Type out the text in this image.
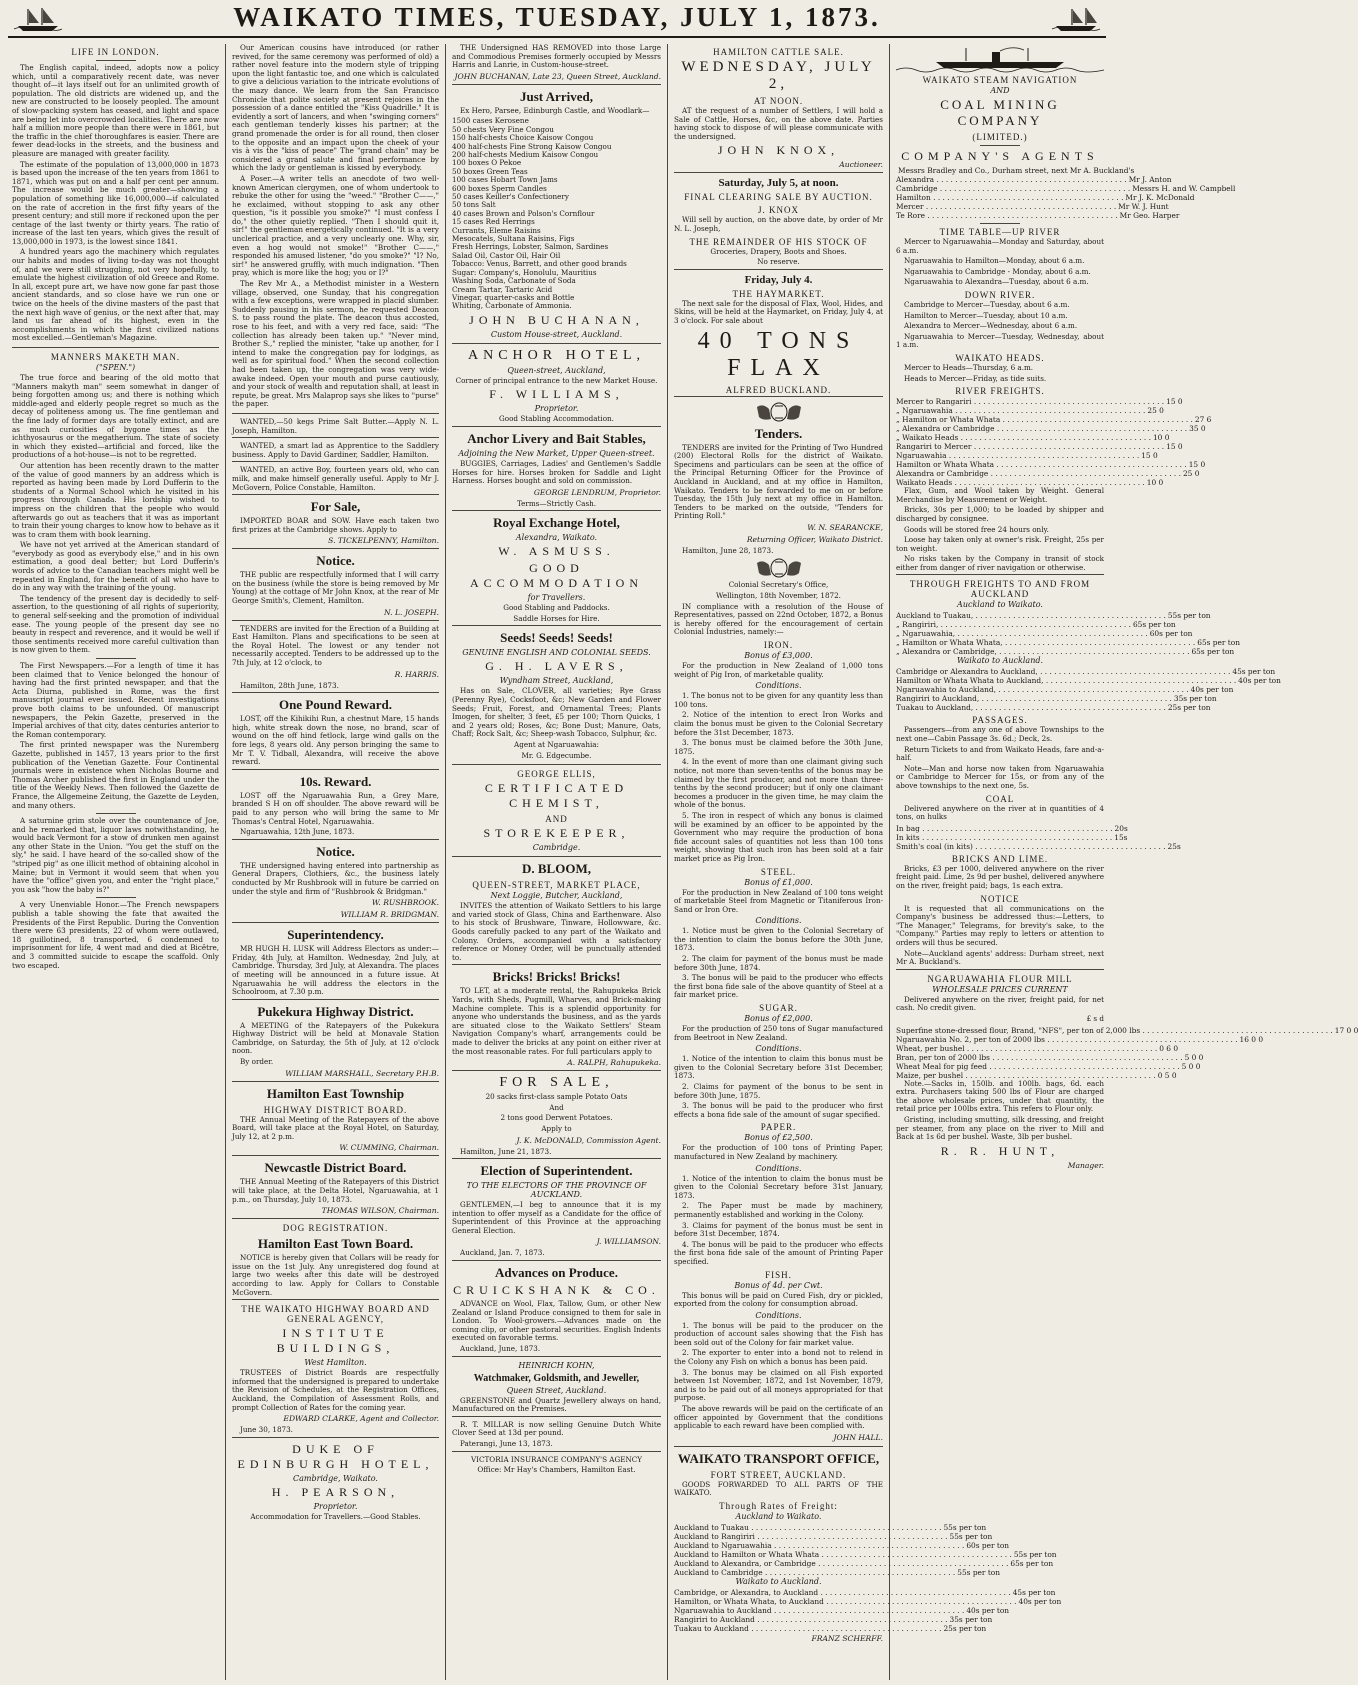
WAIKATO TIMES, TUESDAY, JULY 1, 1873.
LIFE IN LONDON.

The English capital, indeed, adopts now a policy which, until a comparatively recent date, was never thought of—it lays itself out for an unlimited growth of population. The old districts are widened up, and the new are constructed to be loosely peopled. The amount of slow-packing system has ceased, and light and space are being let into overcrowded localities. There are now half a million more people than there were in 1861, but the traffic in the chief thoroughfares is easier. There are fewer dead-locks in the streets, and the business and pleasure are managed with greater facility.

The estimate of the population of 13,000,000 in 1873 is based upon the increase of the ten years from 1861 to 1871, which was put on and a half per cent per annum. The increase would be much greater—showing a population of something like 16,000,000—if calculated on the rate of accretion in the first fifty years of the present century; and still more if reckoned upon the per centage of the last twenty or thirty years. The ratio of increase of the last ten years, which gives the result of 13,000,000 in 1973, is the lowest since 1841.

A hundred years ago the machinery which regulates our habits and modes of living to-day was not thought of, and we were still struggling, not very hopefully, to emulate the highest civilization of old Greece and Rome. In all, except pure art, we have now gone far past those ancient standards, and so close have we run one or twice on the heels of the divine masters of the past that the next high wave of genius, or the next after that, may land us far ahead of its highest, even in the accomplishments in which the first civilized nations most excelled.—Gentleman's Magazine.

MANNERS MAKETH MAN.
("SPEN.")

The true force and bearing of the old motto that "Manners makyth man" seem somewhat in danger of being forgotten among us; and there is nothing which middle-aged and elderly people regret so much as the decay of politeness among us. The fine gentleman and the fine lady of former days are totally extinct, and are as much curiosities of bygone times as the ichthyosaurus or the megatherium. The state of society in which they existed—artificial and forced, like the productions of a hot-house—is not to be regretted.

Our attention has been recently drawn to the matter of the value of good manners by an address which is reported as having been made by Lord Dufferin to the students of a Normal School which he visited in his progress through Canada. His lordship wished to impress on the children that the people who would afterwards go out as teachers that it was as important to train their young charges to know how to behave as it was to cram them with book learning.

We have not yet arrived at the American standard of "everybody as good as everybody else," and in his own estimation, a good deal better; but Lord Dufferin's words of advice to the Canadian teachers might well be repeated in England, for the benefit of all who have to do in any way with the training of the young.

The tendency of the present day is decidedly to self-assertion, to the questioning of all rights of superiority, to general self-seeking and the promotion of individual ease. The young people of the present day see no beauty in respect and reverence, and it would be well if those sentiments received more careful cultivation than is now given to them.

The First Newspapers.—For a length of time it has been claimed that to Venice belonged the honour of having had the first printed newspaper, and that the Acta Diurna, published in Rome, was the first manuscript journal ever issued. Recent investigations prove both claims to be unfounded. Of manuscript newspapers, the Pekin Gazette, preserved in the Imperial archives of that city, dates centuries anterior to the Roman contemporary.

The first printed newspaper was the Nuremberg Gazette, published in 1457, 13 years prior to the first publication of the Venetian Gazette. Four Continental journals were in existence when Nicholas Bourne and Thomas Archer published the first in England under the title of the Weekly News. Then followed the Gazette de France, the Allgemeine Zeitung, the Gazette de Leyden, and many others.

A saturnine grim stole over the countenance of Joe, and he remarked that, liquor laws notwithstanding, he would back Vermont for a stow of drunken men against any other State in the Union. "You get the stuff on the sly," he said. I have heard of the so-called show of the "striped pig" as one illicit method of obtaining alcohol in Maine; but in Vermont it would seem that when you have the "office" given you, and enter the "right place," you ask "how the baby is?"

A very Unenviable Honor.—The French newspapers publish a table showing the fate that awaited the Presidents of the First Republic. During the Convention there were 63 presidents, 22 of whom were outlawed, 18 guillotined, 8 transported, 6 condemned to imprisonment for life, 4 went mad and died at Bicêtre, and 3 committed suicide to escape the scaffold. Only two escaped.

Our American cousins have introduced (or rather revived, for the same ceremony was performed of old) a rather novel feature into the modern style of tripping upon the light fantastic toe, and one which is calculated to give a delicious variation to the intricate evolutions of the mazy dance. We learn from the San Francisco Chronicle that polite society at present rejoices in the possession of a dance entitled the "Kiss Quadrille." It is evidently a sort of lancers, and when "swinging corners" each gentleman tenderly kisses his partner; at the grand promenade the order is for all round, then closer to the opposite and an impact upon the cheek of your vis à vis the "kiss of peace" The "grand chain" may be considered a grand salute and final performance by which the lady or gentleman is kissed by everybody.

A Poser.—A writer tells an anecdote of two well-known American clergymen, one of whom undertook to rebuke the other for using the "weed." "Brother C——," he exclaimed, without stopping to ask any other question, "is it possible you smoke?" "I must confess I do," the other quietly replied. "Then I should quit it, sir!" the gentleman energetically continued. "It is a very unclerical practice, and a very unclearly one. Why, sir, even a hog would not smoke!" "Brother C——," responded his amused listener, "do you smoke?" "I? No, sir!" he answered gruffly, with much indignation. "Then pray, which is more like the hog; you or I?"

The Rev Mr A., a Methodist minister in a Western village, observed, one Sunday, that his congregation with a few exceptions, were wrapped in placid slumber. Suddenly pausing in his sermon, he requested Deacon S. to pass round the plate. The deacon thus accosted, rose to his feet, and with a very red face, said: "The collection has already been taken up." "Never mind, Brother S.," replied the minister, "take up another, for I intend to make the congregation pay for lodgings, as well as for spiritual food." When the second collection had been taken up, the congregation was very wide-awake indeed. Open your mouth and purse cautiously, and your stock of wealth and reputation shall, at least in repute, be great. Mrs Malaprop says she likes to "purse" the paper.

WANTED,—50 kegs Prime Salt Butter.—Apply N. L. Joseph, Hamilton.

WANTED, a smart lad as Apprentice to the Saddlery business. Apply to David Gardiner, Saddler, Hamilton.

WANTED, an active Boy, fourteen years old, who can milk, and make himself generally useful. Apply to Mr J. McGovern, Police Constable, Hamilton.

For Sale,

IMPORTED BOAR and SOW. Have each taken two first prizes at the Cambridge shows. Apply to

S. TICKELPENNY, Hamilton.
Notice.

THE public are respectfully informed that I will carry on the business (while the store is being removed by Mr Young) at the cottage of Mr John Knox, at the rear of Mr George Smith's, Clement, Hamilton.

N. L. JOSEPH.

TENDERS are invited for the Erection of a Building at East Hamilton. Plans and specifications to be seen at the Royal Hotel. The lowest or any tender not necessarily accepted. Tenders to be addressed up to the 7th July, at 12 o'clock, to

R. HARRIS.

Hamilton, 28th June, 1873.

One Pound Reward.

LOST, off the Kihikihi Run, a chestnut Mare, 15 hands high, white streak down the nose, no brand, scar of wound on the off hind fetlock, large wind galls on the fore legs, 8 years old. Any person bringing the same to Mr T. V. Tidball, Alexandra, will receive the above reward.

10s. Reward.

LOST off the Ngaruawahia Run, a Grey Mare, branded S H on off shoulder. The above reward will be paid to any person who will bring the same to Mr Thomas's Central Hotel, Ngaruawahia.

Ngaruawahia, 12th June, 1873.

Notice.

THE undersigned having entered into partnership as General Drapers, Clothiers, &c., the business lately conducted by Mr Rushbrook will in future be carried on under the style and firm of "Rushbrook & Bridgman."

W. RUSHBROOK.
WILLIAM R. BRIDGMAN.
Superintendency.

MR HUGH H. LUSK will Address Electors as under:— Friday, 4th July, at Hamilton. Wednesday, 2nd July, at Cambridge. Thursday, 3rd July, at Alexandra. The places of meeting will be announced in a future issue. At Ngaruawahia he will address the electors in the Schoolroom, at 7.30 p.m.

Pukekura Highway District.

A MEETING of the Ratepayers of the Pukekura Highway District will be held at Monavale Station Cambridge, on Saturday, the 5th of July, at 12 o'clock noon.

By order.

WILLIAM MARSHALL, Secretary P.H.B.
Hamilton East Township
HIGHWAY DISTRICT BOARD.

THE Annual Meeting of the Ratepayers of the above Board, will take place at the Royal Hotel, on Saturday, July 12, at 2 p.m.

W. CUMMING, Chairman.
Newcastle District Board.

THE Annual Meeting of the Ratepayers of this District will take place, at the Delta Hotel, Ngaruawahia, at 1 p.m., on Thursday, July 10, 1873.

THOMAS WILSON, Chairman.
DOG REGISTRATION.
Hamilton East Town Board.

NOTICE is hereby given that Collars will be ready for issue on the 1st July. Any unregistered dog found at large two weeks after this date will be destroyed according to law. Apply for Collars to Constable McGovern.

THE WAIKATO HIGHWAY BOARD AND GENERAL AGENCY,
INSTITUTE BUILDINGS,
West Hamilton.

TRUSTEES of District Boards are respectfully informed that the undersigned is prepared to undertake the Revision of Schedules, at the Registration Offices, Auckland, the Compilation of Assessment Rolls, and prompt Collection of Rates for the coming year.

EDWARD CLARKE, Agent and Collector.

June 30, 1873.

DUKE OF EDINBURGH HOTEL,
Cambridge, Waikato.
H. PEARSON,
Proprietor.

Accommodation for Travellers.—Good Stables.

THE Undersigned HAS REMOVED into those Large and Commodious Premises formerly occupied by Messrs Harris and Lanrie, in Custom-house-street.

JOHN BUCHANAN, Late 23, Queen Street, Auckland.
Just Arrived,

Ex Hero, Parsee, Edinburgh Castle, and Woodlark—

1500 cases Kerosene
50 chests Very Fine Congou
150 half-chests Choice Kaisow Congou
400 half-chests Fine Strong Kaisow Congou
200 half-chests Medium Kaisow Congou
100 boxes O Pekoe
50 boxes Green Teas
100 cases Hobart Town Jams
600 boxes Sperm Candles
50 cases Keiller's Confectionery
50 tons Salt
40 cases Brown and Polson's Cornflour
15 cases Red Herrings
Currants, Eleme Raisins
Mesocatels, Sultana Raisins, Figs
Fresh Herrings, Lobster, Salmon, Sardines
Salad Oil, Castor Oil, Hair Oil
Tobacco: Venus, Barrett, and other good brands
Sugar: Company's, Honolulu, Mauritius
Washing Soda, Carbonate of Soda
Cream Tartar, Tartaric Acid
Vinegar, quarter-casks and Bottle
Whiting, Carbonate of Ammonia.
JOHN BUCHANAN,
Custom House-street, Auckland.
ANCHOR HOTEL,
Queen-street, Auckland,

Corner of principal entrance to the new Market House.

F. WILLIAMS,
Proprietor.

Good Stabling Accommodation.

Anchor Livery and Bait Stables,
Adjoining the New Market, Upper Queen-street.

BUGGIES, Carriages, Ladies' and Gentlemen's Saddle Horses for hire. Horses broken for Saddle and Light Harness. Horses bought and sold on commission.

GEORGE LENDRUM, Proprietor.

Terms—Strictly Cash.

Royal Exchange Hotel,
Alexandra, Waikato.
W. ASMUSS.
GOOD ACCOMMODATION
for Travellers.

Good Stabling and Paddocks.

Saddle Horses for Hire.

Seeds! Seeds! Seeds!
GENUINE ENGLISH AND COLONIAL SEEDS.
G. H. LAVERS,
Wyndham Street, Auckland,

Has on Sale, CLOVER, all varieties; Rye Grass (Perenny Rye), Cocksfoot, &c; New Garden and Flower Seeds; Fruit, Forest, and Ornamental Trees; Plants Imogen, for shelter, 3 feet, £5 per 100; Thorn Quicks, 1 and 2 years old; Roses, &c; Bone Dust; Manure, Oats, Chaff; Rock Salt, &c; Sheep-wash Tobacco, Sulphur, &c.

Agent at Ngaruawahia:

Mr. G. Edgecumbe.

GEORGE ELLIS,
CERTIFICATED CHEMIST,
AND
STOREKEEPER,
Cambridge.
D. BLOOM,
QUEEN-STREET, MARKET PLACE,
Next Loggie, Butcher, Auckland,

INVITES the attention of Waikato Settlers to his large and varied stock of Glass, China and Earthenware. Also to his stock of Brushware, Tinware, Hollowware, &c. Goods carefully packed to any part of the Waikato and Colony. Orders, accompanied with a satisfactory reference or Money Order, will be punctually attended to.

Bricks! Bricks! Bricks!

TO LET, at a moderate rental, the Rahupukeka Brick Yards, with Sheds, Pugmill, Wharves, and Brick-making Machine complete. This is a splendid opportunity for anyone who understands the business, and as the yards are situated close to the Waikato Settlers' Steam Navigation Company's wharf, arrangements could be made to deliver the bricks at any point on either river at the most reasonable rates. For full particulars apply to

A. RALPH, Rahupukeka.
FOR SALE,

20 sacks first-class sample Potato Oats

And

2 tons good Derwent Potatoes.

Apply to

J. K. McDONALD, Commission Agent.

Hamilton, June 21, 1873.

Election of Superintendent.
TO THE ELECTORS OF THE PROVINCE OF AUCKLAND.

GENTLEMEN,—I beg to announce that it is my intention to offer myself as a Candidate for the office of Superintendent of this Province at the approaching General Election.

J. WILLIAMSON.

Auckland, Jan. 7, 1873.

Advances on Produce.
CRUICKSHANK & CO.

ADVANCE on Wool, Flax, Tallow, Gum, or other New Zealand or Island Produce consigned to them for sale in London. To Wool-growers.—Advances made on the coming clip, or other pastoral securities. English Indents executed on favorable terms.

Auckland, June, 1873.

HEINRICH KOHN,
Watchmaker, Goldsmith, and Jeweller,
Queen Street, Auckland.

GREENSTONE and Quartz Jewellery always on hand, Manufactured on the Premises.

R. T. MILLAR is now selling Genuine Dutch White Clover Seed at 13d per pound.

Paterangi, June 13, 1873.

VICTORIA INSURANCE COMPANY'S AGENCY

Office: Mr Hay's Chambers, Hamilton East.

HAMILTON CATTLE SALE.
WEDNESDAY, JULY 2,
AT NOON.

AT the request of a number of Settlers, I will hold a Sale of Cattle, Horses, &c, on the above date. Parties having stock to dispose of will please communicate with the undersigned.

JOHN KNOX,
Auctioneer.
Saturday, July 5, at noon.
FINAL CLEARING SALE BY AUCTION.
J. KNOX

Will sell by auction, on the above date, by order of Mr N. L. Joseph,

THE REMAINDER OF HIS STOCK OF

Groceries, Drapery, Boots and Shoes.

No reserve.

Friday, July 4.
THE HAYMARKET.

The next sale for the disposal of Flax, Wool, Hides, and Skins, will be held at the Haymarket, on Friday, July 4, at 3 o'clock. For sale about

40 TONS FLAX
ALFRED BUCKLAND.
Tenders.

TENDERS are invited for the Printing of Two Hundred (200) Electoral Rolls for the district of Waikato. Specimens and particulars can be seen at the office of the Principal Returning Officer for the Province of Auckland in Auckland, and at my office in Hamilton, Waikato. Tenders to be forwarded to me on or before Tuesday, the 15th July next at my office in Hamilton. Tenders to be marked on the outside, "Tenders for Printing Roll."

W. N. SEARANCKE,
Returning Officer, Waikato District.

Hamilton, June 28, 1873.

Colonial Secretary's Office,

Wellington, 18th November, 1872.

IN compliance with a resolution of the House of Representatives, passed on 22nd October, 1872, a Bonus is hereby offered for the encouragement of certain Colonial Industries, namely:—

IRON.
Bonus of £3,000.

For the production in New Zealand of 1,000 tons weight of Pig Iron, of marketable quality.

Conditions.

1. The bonus not to be given for any quantity less than 100 tons.

2. Notice of the intention to erect Iron Works and claim the bonus must be given to the Colonial Secretary before the 31st December, 1873.

3. The bonus must be claimed before the 30th June, 1875.

4. In the event of more than one claimant giving such notice, not more than seven-tenths of the bonus may be claimed by the first producer, and not more than three-tenths by the second producer; but if only one claimant becomes a producer in the given time, he may claim the whole of the bonus.

5. The iron in respect of which any bonus is claimed will be examined by an officer to be appointed by the Government who may require the production of bona fide account sales of quantities not less than 100 tons weight, showing that such iron has been sold at a fair market price as Pig Iron.

STEEL.
Bonus of £1,000.

For the production in New Zealand of 100 tons weight of marketable Steel from Magnetic or Titaniferous Iron-Sand or Iron Ore.

Conditions.

1. Notice must be given to the Colonial Secretary of the intention to claim the bonus before the 30th June, 1873.

2. The claim for payment of the bonus must be made before 30th June, 1874.

3. The bonus will be paid to the producer who effects the first bona fide sale of the above quantity of Steel at a fair market price.

SUGAR.
Bonus of £2,000.

For the production of 250 tons of Sugar manufactured from Beetroot in New Zealand.

Conditions.

1. Notice of the intention to claim this bonus must be given to the Colonial Secretary before 31st December, 1873.

2. Claims for payment of the bonus to be sent in before 30th June, 1875.

3. The bonus will be paid to the producer who first effects a bona fide sale of the amount of sugar specified.

PAPER.
Bonus of £2,500.

For the production of 100 tons of Printing Paper, manufactured in New Zealand by machinery.

Conditions.

1. Notice of the intention to claim the bonus must be given to the Colonial Secretary before 31st January, 1873.

2. The Paper must be made by machinery, permanently established and working in the Colony.

3. Claims for payment of the bonus must be sent in before 31st December, 1874.

4. The bonus will be paid to the producer who effects the first bona fide sale of the amount of Printing Paper specified.

FISH.
Bonus of 4d. per Cwt.

This bonus will be paid on Cured Fish, dry or pickled, exported from the colony for consumption abroad.

Conditions.

1. The bonus will be paid to the producer on the production of account sales showing that the Fish has been sold out of the Colony for fair market value.

2. The exporter to enter into a bond not to relend in the Colony any Fish on which a bonus has been paid.

3. The bonus may be claimed on all Fish exported between 1st November, 1872, and 1st November, 1879, and is to be paid out of all moneys appropriated for that purpose.

The above rewards will be paid on the certificate of an officer appointed by Government that the conditions applicable to each reward have been complied with.

JOHN HALL.
WAIKATO TRANSPORT OFFICE,
FORT STREET, AUCKLAND.

GOODS FORWARDED TO ALL PARTS OF THE WAIKATO.

Through Rates of Freight:
Auckland to Waikato.
Auckland to Tuakau . . .	55s per ton
Auckland to Rangiriri . . .	55s per ton
Auckland to Ngaruawahia . . .	60s per ton
Auckland to Hamilton or Whata Whata . . .	55s per ton
Auckland to Alexandra, or Cambridge . . .	65s per ton
Auckland to Cambridge . . .	55s per ton
Waikato to Auckland.
Cambridge, or Alexandra, to Auckland . . .	45s per ton
Hamilton, or Whata Whata, to Auckland . . .	40s per ton
Ngaruawahia to Auckland . . .	40s per ton
Rangiriri to Auckland . . .	35s per ton
Tuakau to Auckland . . .	25s per ton
FRANZ SCHERFF.
WAIKATO STEAM NAVIGATION
AND
COAL MINING COMPANY
(LIMITED.)
COMPANY'S AGENTS
Messrs Bradley and Co., Durham street, next Mr A. Buckland's
Alexandra . . .	Mr J. Anton
Cambridge . . .	Messrs H. and W. Campbell
Hamilton . . .	Mr J. K. McDonald
Mercer . . .	Mr W. J. Hunt
Te Rore . . .	Mr Geo. Harper
TIME TABLE—UP RIVER

Mercer to Ngaruawahia—Monday and Saturday, about 6 a.m.

Ngaruawahia to Hamilton—Monday, about 6 a.m.

Ngaruawahia to Cambridge - Monday, about 6 a.m.

Ngaruawahia to Alexandra—Tuesday, about 6 a.m.

DOWN RIVER.

Cambridge to Mercer—Tuesday, about 6 a.m.

Hamilton to Mercer—Tuesday, about 10 a.m.

Alexandra to Mercer—Wednesday, about 6 a.m.

Ngaruawahia to Mercer—Tuesday, Wednesday, about 1 a.m.

WAIKATO HEADS.

Mercer to Heads—Thursday, 6 a.m.

Heads to Mercer—Friday, as tide suits.

RIVER FREIGHTS.
Mercer to Rangariri . . .	15 0
„ Ngaruawahia . . .	25 0
„ Hamilton or Whata Whata . . .	27 6
„ Alexandra or Cambridge . . .	35 0
„ Waikato Heads . . .	10 0
Rangariri to Mercer . . .	15 0
Ngaruawahia . . .	15 0
Hamilton or Whata Whata . . .	15 0
Alexandra or Cambridge . . .	25 0
Waikato Heads . . .	10 0

Flax, Gum, and Wool taken by Weight. General Merchandise by Measurement or Weight.

Bricks, 30s per 1,000; to be loaded by shipper and discharged by consignee.

Goods will be stored free 24 hours only.

Loose hay taken only at owner's risk. Freight, 25s per ton weight.

No risks taken by the Company in transit of stock either from danger of river navigation or otherwise.

THROUGH FREIGHTS TO AND FROM AUCKLAND
Auckland to Waikato.
Auckland to Tuakau, . . .	55s per ton
„ Rangiriri, . . .	65s per ton
„ Ngaruawahia, . . .	60s per ton
„ Hamilton or Whata Whata, . . .	65s per ton
„ Alexandra or Cambridge, . . .	65s per ton
Waikato to Auckland.
Cambridge or Alexandra to Auckland, . . .	45s per ton
Hamilton or Whata Whata to Auckland, . . .	40s per ton
Ngaruawahia to Auckland, . . .	40s per ton
Rangiriri to Auckland, . . .	35s per ton
Tuakau to Auckland, . . .	25s per ton
PASSAGES.

Passengers—from any one of above Townships to the next one—Cabin Passage 3s. 6d.; Deck, 2s.

Return Tickets to and from Waikato Heads, fare and-a-half.

Note—Man and horse now taken from Ngaruawahia or Cambridge to Mercer for 15s, or from any of the above townships to the next one, 5s.

COAL

Delivered anywhere on the river at in quantities of 4 tons, on hulks

In bag . . .	20s
In kits . . .	15s
Smith's coal (in kits) . . .	25s
BRICKS AND LIME.

Bricks, £3 per 1000, delivered anywhere on the river freight paid. Lime, 2s 9d per bushel, delivered anywhere on the river, freight paid; bags, 1s each extra.

NOTICE

It is requested that all communications on the Company's business be addressed thus:—Letters, to "The Manager," Telegrams, for brevity's sake, to the "Company." Parties may reply to letters or attention to orders will thus be secured.

Note—Auckland agents' address: Durham street, next Mr A. Buckland's.

NGARUAWAHIA FLOUR MILL
WHOLESALE PRICES CURRENT

Delivered anywhere on the river, freight paid, for net cash. No credit given.

£ s d

Superfine stone-dressed flour, Brand, "NFS", per ton of 2,000 lbs . . .	17 0 0
Ngaruawahia No. 2, per ton of 2000 lbs . . .	16 0 0
Wheat, per bushel . . .	0 6 0
Bran, per ton of 2000 lbs . . .	5 0 0
Wheat Meal for pig feed . . .	5 0 0
Maize, per bushel . . .	0 5 0

Note.—Sacks in, 150lb. and 100lb. bags, 6d. each extra. Purchasers taking 500 lbs of Flour are charged the above wholesale prices, under that quantity, the retail price per 100lbs extra. This refers to Flour only.

Gristing, including smutting, silk dressing, and freight per steamer, from any place on the river to Mill and Back at 1s 6d per bushel. Waste, 3lb per bushel.

R. R. HUNT,
Manager.
